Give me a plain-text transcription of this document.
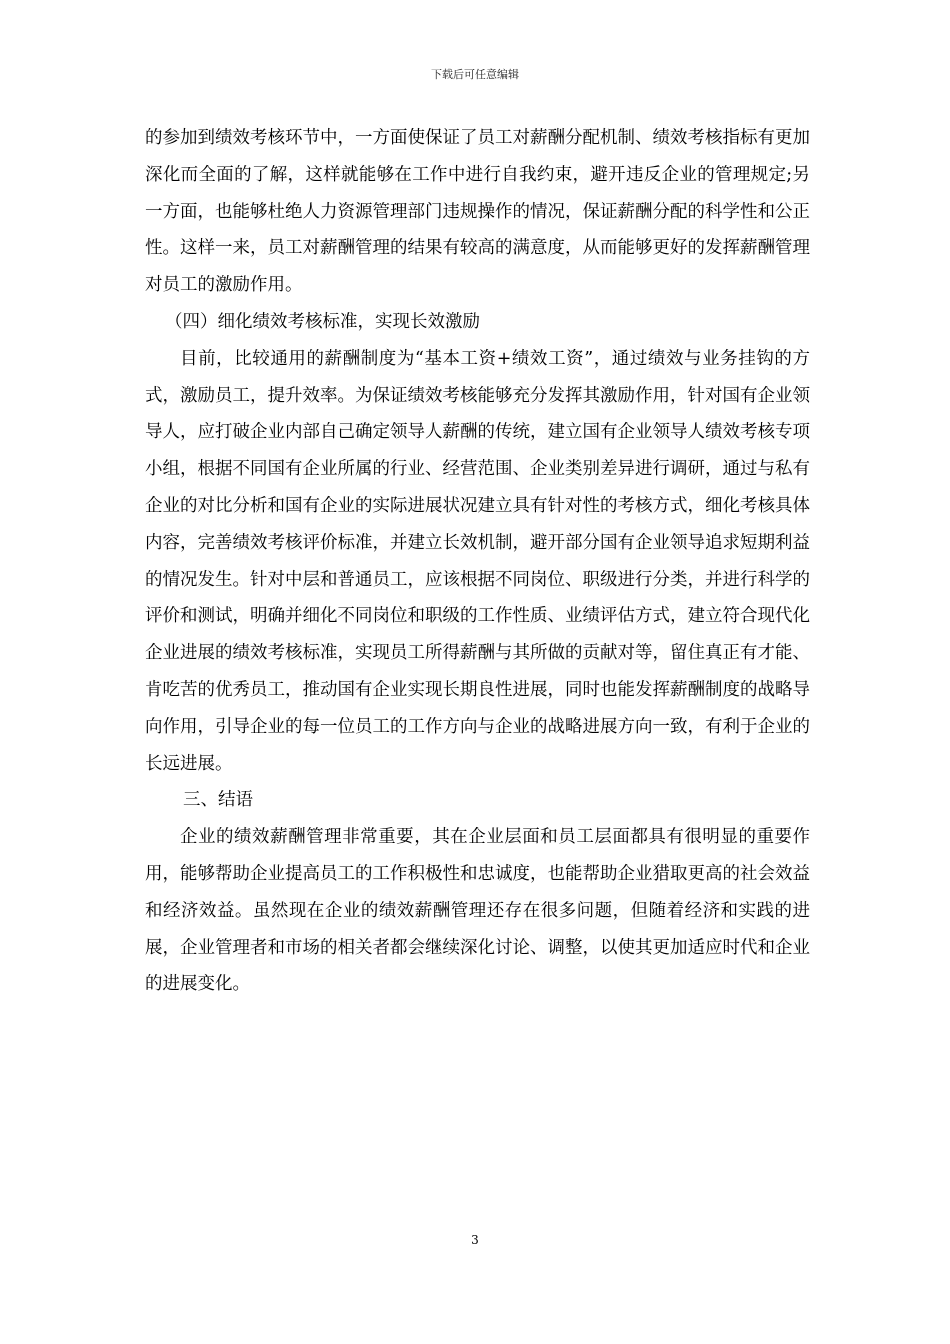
下载后可任意编辑

的参加到绩效考核环节中，一方面使保证了员工对薪酬分配机制、绩效考核指标有更加深化而全面的了解，这样就能够在工作中进行自我约束，避开违反企业的管理规定;另一方面，也能够杜绝人力资源管理部门违规操作的情况，保证薪酬分配的科学性和公正性。这样一来，员工对薪酬管理的结果有较高的满意度，从而能够更好的发挥薪酬管理对员工的激励作用。

（四）细化绩效考核标准，实现长效激励

目前，比较通用的薪酬制度为“基本工资+绩效工资”，通过绩效与业务挂钩的方式，激励员工，提升效率。为保证绩效考核能够充分发挥其激励作用，针对国有企业领导人，应打破企业内部自己确定领导人薪酬的传统，建立国有企业领导人绩效考核专项小组，根据不同国有企业所属的行业、经营范围、企业类别差异进行调研，通过与私有企业的对比分析和国有企业的实际进展状况建立具有针对性的考核方式，细化考核具体内容，完善绩效考核评价标准，并建立长效机制，避开部分国有企业领导追求短期利益的情况发生。针对中层和普通员工，应该根据不同岗位、职级进行分类，并进行科学的评价和测试，明确并细化不同岗位和职级的工作性质、业绩评估方式，建立符合现代化企业进展的绩效考核标准，实现员工所得薪酬与其所做的贡献对等，留住真正有才能、肯吃苦的优秀员工，推动国有企业实现长期良性进展，同时也能发挥薪酬制度的战略导向作用，引导企业的每一位员工的工作方向与企业的战略进展方向一致，有利于企业的长远进展。

三、结语

企业的绩效薪酬管理非常重要，其在企业层面和员工层面都具有很明显的重要作用，能够帮助企业提高员工的工作积极性和忠诚度，也能帮助企业猎取更高的社会效益和经济效益。虽然现在企业的绩效薪酬管理还存在很多问题，但随着经济和实践的进展，企业管理者和市场的相关者都会继续深化讨论、调整，以使其更加适应时代和企业的进展变化。

3
